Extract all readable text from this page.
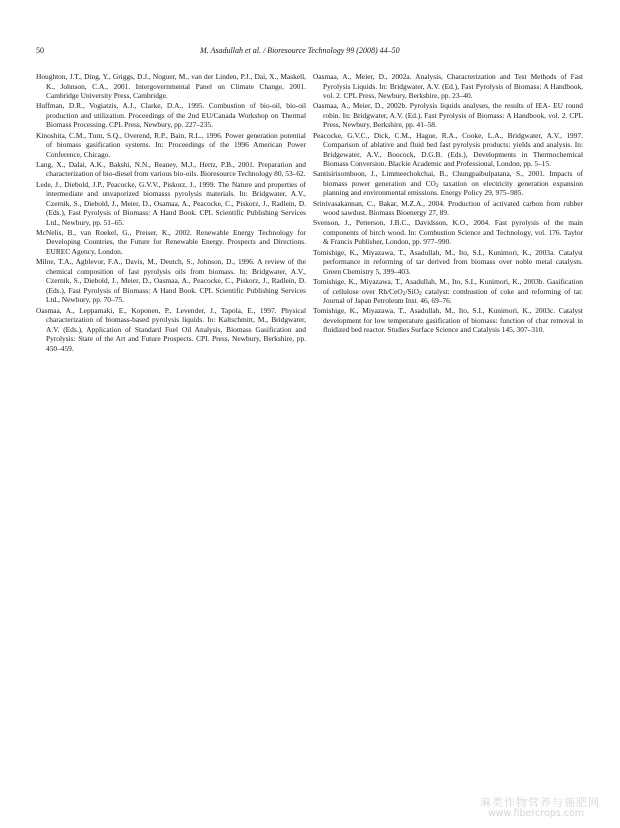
50	M. Asadullah et al. / Bioresource Technology 99 (2008) 44–50

Houghton, J.T., Ding, Y., Griggs, D.J., Noguer, M., van der Linden, P.J., Dai, X., Maskell, K., Johnson, C.A., 2001. Intergovernmental Panel on Climate Change, 2001. Cambridge University Press, Cambridge.

Huffman, D.R., Vogiatzis, A.J., Clarke, D.A., 1995. Combustion of bio-oil, bio-oil production and utilization. Proceedings of the 2nd EU/Canada Workshop on Thermal Biomass Processing. CPL Press, Newbury, pp. 227–235.

Kinoshita, C.M., Turn, S.Q., Overend, R.P., Bain, R.L., 1996. Power generation potential of biomass gasification systems. In: Proceedings of the 1996 American Power Conference, Chicago.

Lang, X., Dalai, A.K., Bakshi, N.N., Reaney, M.J., Hertz, P.B., 2001. Preparation and characterization of bio-diesel from various bio-oils. Bioresource Technology 80, 53–62.

Lede, J., Diebold, J.P., Peacocke, G.V.V., Piskorz, J., 1999. The Nature and properties of intermediate and unvaporized biomasss pyrolysis materials. In: Bridgwater, A.V., Czernik, S., Diebold, J., Meier, D., Osamaa, A., Peacocke, C., Piskorz, J., Radlein, D. (Eds.), Fast Pyrolysis of Biomass: A Hand Book. CPL Scientific Publishing Services Ltd., Newbury, pp. 51–65.

McNelis, B., van Roekel, G., Preiser, K., 2002. Renewable Energy Technology for Developing Countries, the Future for Renewable Energy. Prospects and Directions. EUREC Agency, London.

Milne, T.A., Agblevor, F.A., Davis, M., Deutch, S., Johnson, D., 1996. A review of the chemical composition of fast pyrolysis oils from biomass. In: Bridgwater, A.V., Czernik, S., Diebold, J., Meier, D., Oasmaa, A., Peacocke, C., Piskorz, J., Radlein, D. (Eds.), Fast Pyrolysis of Biomass: A Hand Book. CPL Scientific Publishing Services Ltd., Newbury, pp. 70–75.

Oasmaa, A., Leppamaki, E., Koponen, P., Levender, J., Tapola, E., 1997. Physical characterization of biomass-based pyrolysis liquids. In: Kaltschmitt, M., Bridgwater, A.V. (Eds.), Application of Standard Fuel Oil Analysis, Biomass Gasification and Pyrolysis: State of the Art and Future Prospects. CPL Press, Newbury, Berkshire, pp. 450–459.

Oasmaa, A., Meier, D., 2002a. Analysis, Characterization and Test Methods of Fast Pyrolysis Liquids. In: Bridgwater, A.V. (Ed.), Fast Pyrolysis of Biomass: A Handbook, vol. 2. CPL Press, Newbury, Berkshire, pp. 23–40.

Oasmaa, A., Meier, D., 2002b. Pyrolysis liquids analyses, the results of IEA- EU round robin. In: Bridgwater, A.V. (Ed.), Fast Pyrolysis of Biomass: A Handbook, vol. 2. CPL Press, Newbury, Berkshire, pp. 41–58.

Peacocke, G.V.C., Dick, C.M., Hague, R.A., Cooke, L.A., Bridgwater, A.V., 1997. Comparison of ablative and fluid bed fast pyrolysis products: yields and analysis. In: Bridgewater, A.V., Boocock, D.G.B. (Eds.), Developments in Thermochemical Biomass Conversion. Blackie Academic and Professional, London, pp. 5–15.

Santisirisomboon, J., Limmeechokchai, B., Chungpaibulpatana, S., 2001. Impacts of biomass power generation and $CO_2$ taxation on electricity generation expansion planning and environmental emissions. Energy Policy 29, 975–985.

Srinivasakannan, C., Bakar, M.Z.A., 2004. Production of activated carbon from rubber wood sawdust. Biomass Bioenergy 27, 89.

Svenson, J., Petterson, J.B.C., Davidsson, K.O., 2004. Fast pyrolysis of the main components of birch wood. In: Combustion Science and Technology, vol. 176. Taylor & Francis Publisher, London, pp. 977–990.

Tomishige, K., Miyazawa, T., Asadullah, M., Ito, S.I., Kunimori, K., 2003a. Catalyst performance in reforming of tar derived from biomass over noble metal catalysts. Green Chemistry 5, 399–403.

Tomishige, K., Miyazawa, T., Asadullah, M., Ito, S.I., Kunimori, K., 2003b. Gasification of cellulose over Rh/CeO$_2$/SiO$_2$ catalyst: combustion of coke and reforming of tar. Journal of Japan Petroleum Inst. 46, 69–76.

Tomishige, K., Miyazawa, T., Asadullah, M., Ito, S.I., Kunimori, K., 2003c. Catalyst development for low temperature gasification of biomass: function of char removal in fluidized bed reactor. Studies Surface Science and Catalysis 145, 307–310.

麻类作物营养与施肥网
www.fibercrops.com
